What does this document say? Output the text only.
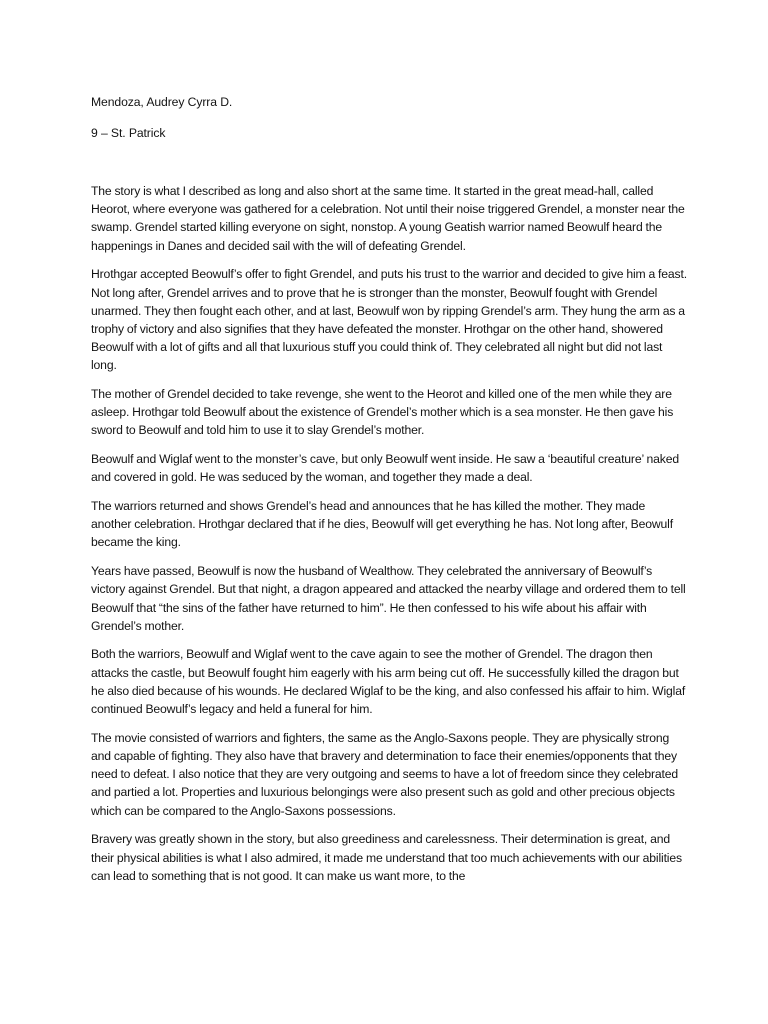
Mendoza, Audrey Cyrra D.

9 – St. Patrick

The story is what I described as long and also short at the same time. It started in the great mead-hall, called Heorot, where everyone was gathered for a celebration. Not until their noise triggered Grendel, a monster near the swamp. Grendel started killing everyone on sight, nonstop. A young Geatish warrior named Beowulf heard the happenings in Danes and decided sail with the will of defeating Grendel.

Hrothgar accepted Beowulf’s offer to fight Grendel, and puts his trust to the warrior and decided to give him a feast. Not long after, Grendel arrives and to prove that he is stronger than the monster, Beowulf fought with Grendel unarmed. They then fought each other, and at last, Beowulf won by ripping Grendel’s arm. They hung the arm as a trophy of victory and also signifies that they have defeated the monster. Hrothgar on the other hand, showered Beowulf with a lot of gifts and all that luxurious stuff you could think of. They celebrated all night but did not last long.

The mother of Grendel decided to take revenge, she went to the Heorot and killed one of the men while they are asleep. Hrothgar told Beowulf about the existence of Grendel’s mother which is a sea monster. He then gave his sword to Beowulf and told him to use it to slay Grendel’s mother.

Beowulf and Wiglaf went to the monster’s cave, but only Beowulf went inside. He saw a ‘beautiful creature’ naked and covered in gold. He was seduced by the woman, and together they made a deal.

The warriors returned and shows Grendel’s head and announces that he has killed the mother. They made another celebration. Hrothgar declared that if he dies, Beowulf will get everything he has. Not long after, Beowulf became the king.

Years have passed, Beowulf is now the husband of Wealthow. They celebrated the anniversary of Beowulf’s victory against Grendel. But that night, a dragon appeared and attacked the nearby village and ordered them to tell Beowulf that “the sins of the father have returned to him”. He then confessed to his wife about his affair with Grendel’s mother.

Both the warriors, Beowulf and Wiglaf went to the cave again to see the mother of Grendel. The dragon then attacks the castle, but Beowulf fought him eagerly with his arm being cut off. He successfully killed the dragon but he also died because of his wounds. He declared Wiglaf to be the king, and also confessed his affair to him. Wiglaf continued Beowulf’s legacy and held a funeral for him.

The movie consisted of warriors and fighters, the same as the Anglo-Saxons people. They are physically strong and capable of fighting. They also have that bravery and determination to face their enemies/opponents that they need to defeat. I also notice that they are very outgoing and seems to have a lot of freedom since they celebrated and partied a lot. Properties and luxurious belongings were also present such as gold and other precious objects which can be compared to the Anglo-Saxons possessions.

Bravery was greatly shown in the story, but also greediness and carelessness. Their determination is great, and their physical abilities is what I also admired, it made me understand that too much achievements with our abilities can lead to something that is not good. It can make us want more, to the
